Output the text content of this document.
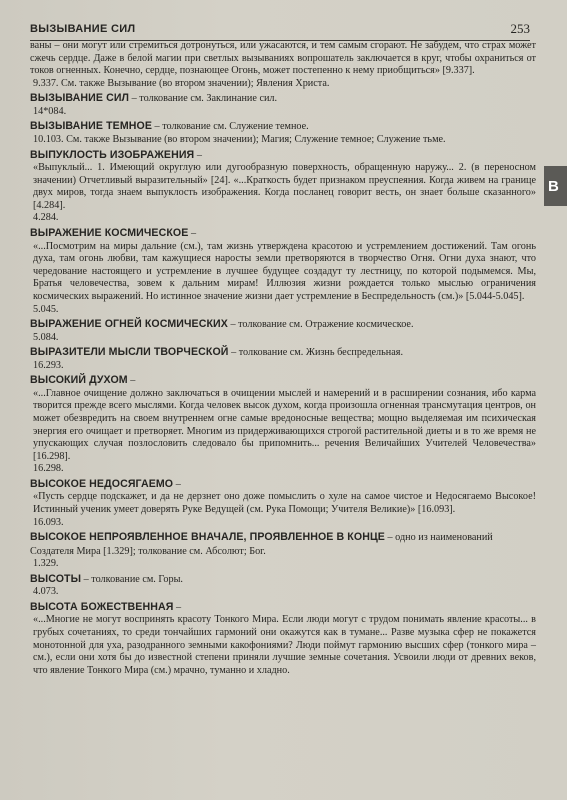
ВЫЗЫВАНИЕ СИЛ	253
В

ваны – они могут или стремиться дотронуться, или ужасаются, и тем самым сгорают. Не забудем, что страх может сжечь сердце. Даже в белой магии при светлых вызываниях вопрошатель заключается в круг, чтобы охраниться от токов огненных. Конечно, сердце, познающее Огонь, может постепенно к нему приобщиться» [9.337].

9.337. См. также Вызывание (во втором значении); Явления Христа.

ВЫЗЫВАНИЕ СИЛ – толкование см. Заклинание сил.

14*084.

ВЫЗЫВАНИЕ ТЕМНОЕ – толкование см. Служение темное.

10.103. См. также Вызывание (во втором значении); Магия; Служение темное; Служение тьме.

ВЫПУКЛОСТЬ ИЗОБРАЖЕНИЯ –

«Выпуклый... 1. Имеющий округлую или дугообразную поверхность, обращенную наружу... 2. (в переносном значении) Отчетливый выразительный» [24]. «...Краткость будет признаком преуспеяния. Когда живем на границе двух миров, тогда знаем выпуклость изображения. Когда посланец говорит весть, он знает больше сказанного» [4.284].

4.284.

ВЫРАЖЕНИЕ КОСМИЧЕСКОЕ –

«...Посмотрим на миры дальние (см.), там жизнь утверждена красотою и устремлением достижений. Там огонь духа, там огонь любви, там кажущиеся наросты земли претворяются в творчество Огня. Огни духа знают, что чередование настоящего и устремление в лучшее будущее создадут ту лестницу, по которой подымемся. Мы, Братья человечества, зовем к дальним мирам! Иллюзия жизни рождается только мыслью ограничения космических выражений. Но истинное значение жизни дает устремление в Беспредельность (см.)» [5.044-5.045].

5.045.

ВЫРАЖЕНИЕ ОГНЕЙ КОСМИЧЕСКИХ – толкование см. Отражение космическое.

5.084.

ВЫРАЗИТЕЛИ МЫСЛИ ТВОРЧЕСКОЙ – толкование см. Жизнь беспредельная.

16.293.

ВЫСОКИЙ ДУХОМ –

«...Главное очищение должно заключаться в очищении мыслей и намерений и в расширении сознания, ибо карма творится прежде всего мыслями. Когда человек высок духом, когда произошла огненная трансмутация центров, он может обезвредить на своем внутреннем огне самые вредоносные вещества; мощно выделяемая им психическая энергия его очищает и претворяет. Многим из придерживающихся строгой растительной диеты и в то же время не упускающих случая позлословить следовало бы припомнить... речения Величайших Учителей Человечества» [16.298].

16.298.

ВЫСОКОЕ НЕДОСЯГАЕМО –

«Пусть сердце подскажет, и да не дерзнет оно доже помыслить о хуле на самое чистое и Недосягаемо Высокое! Истинный ученик умеет доверять Руке Ведущей (см. Рука Помощи; Учителя Великие)» [16.093].

16.093.

ВЫСОКОЕ НЕПРОЯВЛЕННОЕ ВНАЧАЛЕ, ПРОЯВЛЕННОЕ В КОНЦЕ – одно из наименований Создателя Мира [1.329]; толкование см. Абсолют; Бог.

1.329.

ВЫСОТЫ – толкование см. Горы.

4.073.

ВЫСОТА БОЖЕСТВЕННАЯ –

«...Многие не могут воспринять красоту Тонкого Мира. Если люди могут с трудом понимать явление красоты... в грубых сочетаниях, то среди тончайших гармоний они окажутся как в тумане... Разве музыка сфер не покажется монотонной для уха, разодранного земными какофониями? Люди поймут гармонию высших сфер (тонкого мира – см.), если они хотя бы до известной степени приняли лучшие земные сочетания. Усвоили люди от древних веков, что явление Тонкого Мира (см.) мрачно, туманно и хладно.
